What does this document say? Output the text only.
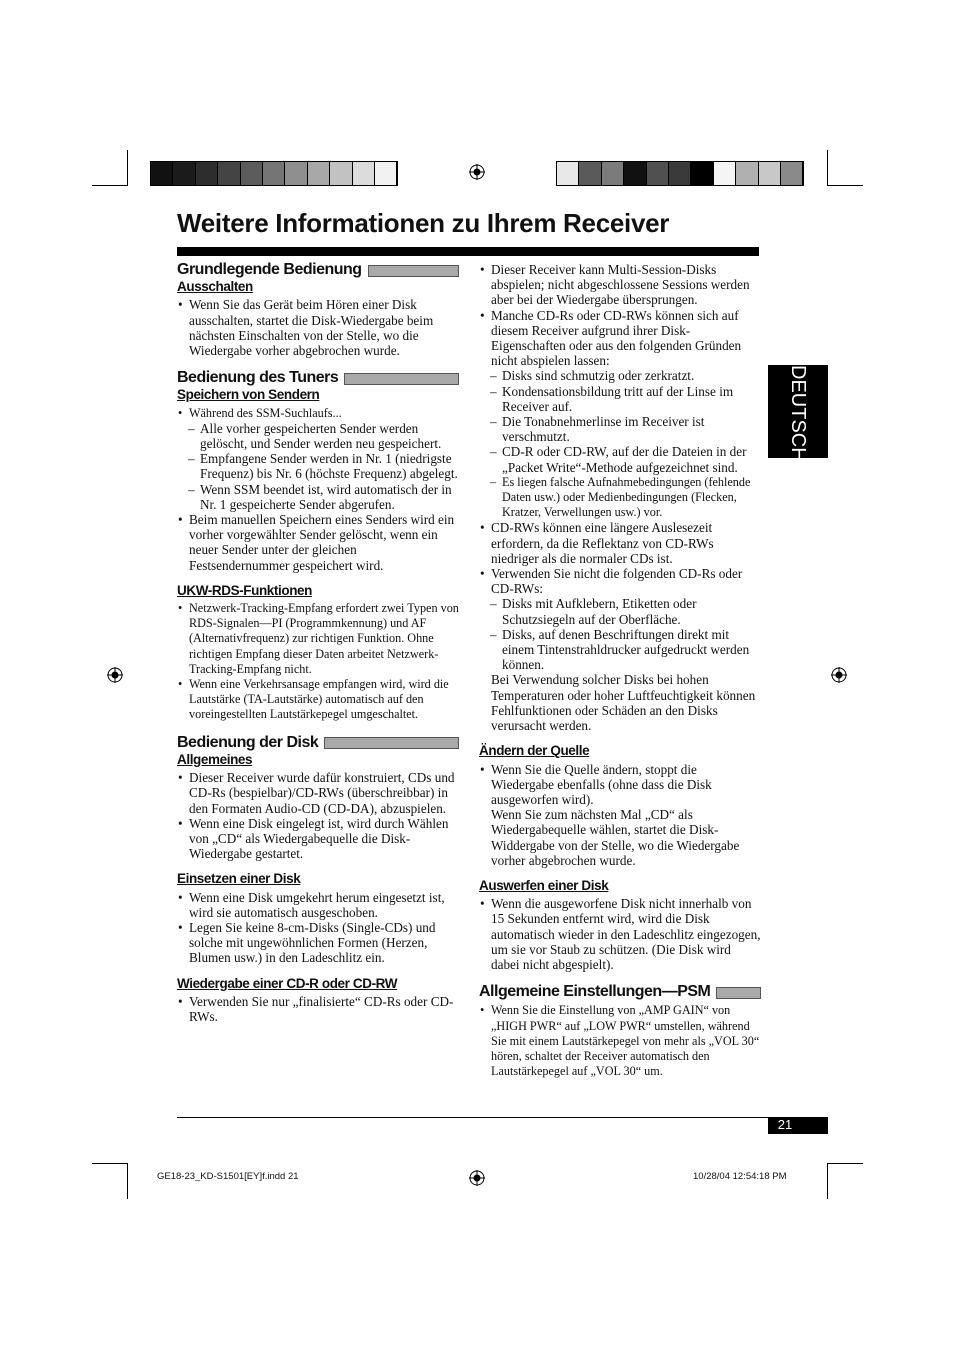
Weitere Informationen zu Ihrem Receiver
DEUTSCH
Grundlegende Bedienung
Ausschalten
• Wenn Sie das Gerät beim Hören einer Disk ausschalten, startet die Disk-Wiedergabe beim nächsten Einschalten von der Stelle, wo die Wiedergabe vorher abgebrochen wurde.
Bedienung des Tuners
Speichern von Sendern
• Während des SSM-Suchlaufs...
– Alle vorher gespeicherten Sender werden gelöscht, und Sender werden neu gespeichert.
– Empfangene Sender werden in Nr. 1 (niedrigste Frequenz) bis Nr. 6 (höchste Frequenz) abgelegt.
– Wenn SSM beendet ist, wird automatisch der in Nr. 1 gespeicherte Sender abgerufen.
• Beim manuellen Speichern eines Senders wird ein vorher vorgewählter Sender gelöscht, wenn ein neuer Sender unter der gleichen Festsendernummer gespeichert wird.
UKW-RDS-Funktionen
• Netzwerk-Tracking-Empfang erfordert zwei Typen von RDS-Signalen—PI (Programmkennung) und AF (Alternativfrequenz) zur richtigen Funktion. Ohne richtigen Empfang dieser Daten arbeitet Netzwerk-Tracking-Empfang nicht.
• Wenn eine Verkehrsansage empfangen wird, wird die Lautstärke (TA-Lautstärke) automatisch auf den voreingestellten Lautstärkepegel umgeschaltet.
Bedienung der Disk
Allgemeines
• Dieser Receiver wurde dafür konstruiert, CDs und CD-Rs (bespielbar)/CD-RWs (überschreibbar) in den Formaten Audio-CD (CD-DA), abzuspielen.
• Wenn eine Disk eingelegt ist, wird durch Wählen von „CD“ als Wiedergabequelle die Disk-Wiedergabe gestartet.
Einsetzen einer Disk
• Wenn eine Disk umgekehrt herum eingesetzt ist, wird sie automatisch ausgeschoben.
• Legen Sie keine 8-cm-Disks (Single-CDs) und solche mit ungewöhnlichen Formen (Herzen, Blumen usw.) in den Ladeschlitz ein.
Wiedergabe einer CD-R oder CD-RW
• Verwenden Sie nur „finalisierte“ CD-Rs oder CD-RWs.
• Dieser Receiver kann Multi-Session-Disks abspielen; nicht abgeschlossene Sessions werden aber bei der Wiedergabe übersprungen.
• Manche CD-Rs oder CD-RWs können sich auf diesem Receiver aufgrund ihrer Disk-Eigenschaften oder aus den folgenden Gründen nicht abspielen lassen:
– Disks sind schmutzig oder zerkratzt.
– Kondensationsbildung tritt auf der Linse im Receiver auf.
– Die Tonabnehmerlinse im Receiver ist verschmutzt.
– CD-R oder CD-RW, auf der die Dateien in der „Packet Write“-Methode aufgezeichnet sind.
– Es liegen falsche Aufnahmebedingungen (fehlende Daten usw.) oder Medienbedingungen (Flecken, Kratzer, Verwellungen usw.) vor.
• CD-RWs können eine längere Auslesezeit erfordern, da die Reflektanz von CD-RWs niedriger als die normaler CDs ist.
• Verwenden Sie nicht die folgenden CD-Rs oder CD-RWs:
– Disks mit Aufklebern, Etiketten oder Schutzsiegeln auf der Oberfläche.
– Disks, auf denen Beschriftungen direkt mit einem Tintenstrahldrucker aufgedruckt werden können.
Bei Verwendung solcher Disks bei hohen Temperaturen oder hoher Luftfeuchtigkeit können Fehlfunktionen oder Schäden an den Disks verursacht werden.
Ändern der Quelle
• Wenn Sie die Quelle ändern, stoppt die Wiedergabe ebenfalls (ohne dass die Disk ausgeworfen wird).
Wenn Sie zum nächsten Mal „CD“ als Wiedergabequelle wählen, startet die Disk-Widdergabe von der Stelle, wo die Wiedergabe vorher abgebrochen wurde.
Auswerfen einer Disk
• Wenn die ausgeworfene Disk nicht innerhalb von 15 Sekunden entfernt wird, wird die Disk automatisch wieder in den Ladeschlitz eingezogen, um sie vor Staub zu schützen. (Die Disk wird dabei nicht abgespielt).
Allgemeine Einstellungen—PSM
• Wenn Sie die Einstellung von „AMP GAIN“ von „HIGH PWR“ auf „LOW PWR“ umstellen, während Sie mit einem Lautstärkepegel von mehr als „VOL 30“ hören, schaltet der Receiver automatisch den Lautstärkepegel auf „VOL 30“ um.
21
GE18-23_KD-S1501[EY]f.indd 21	10/28/04 12:54:18 PM
